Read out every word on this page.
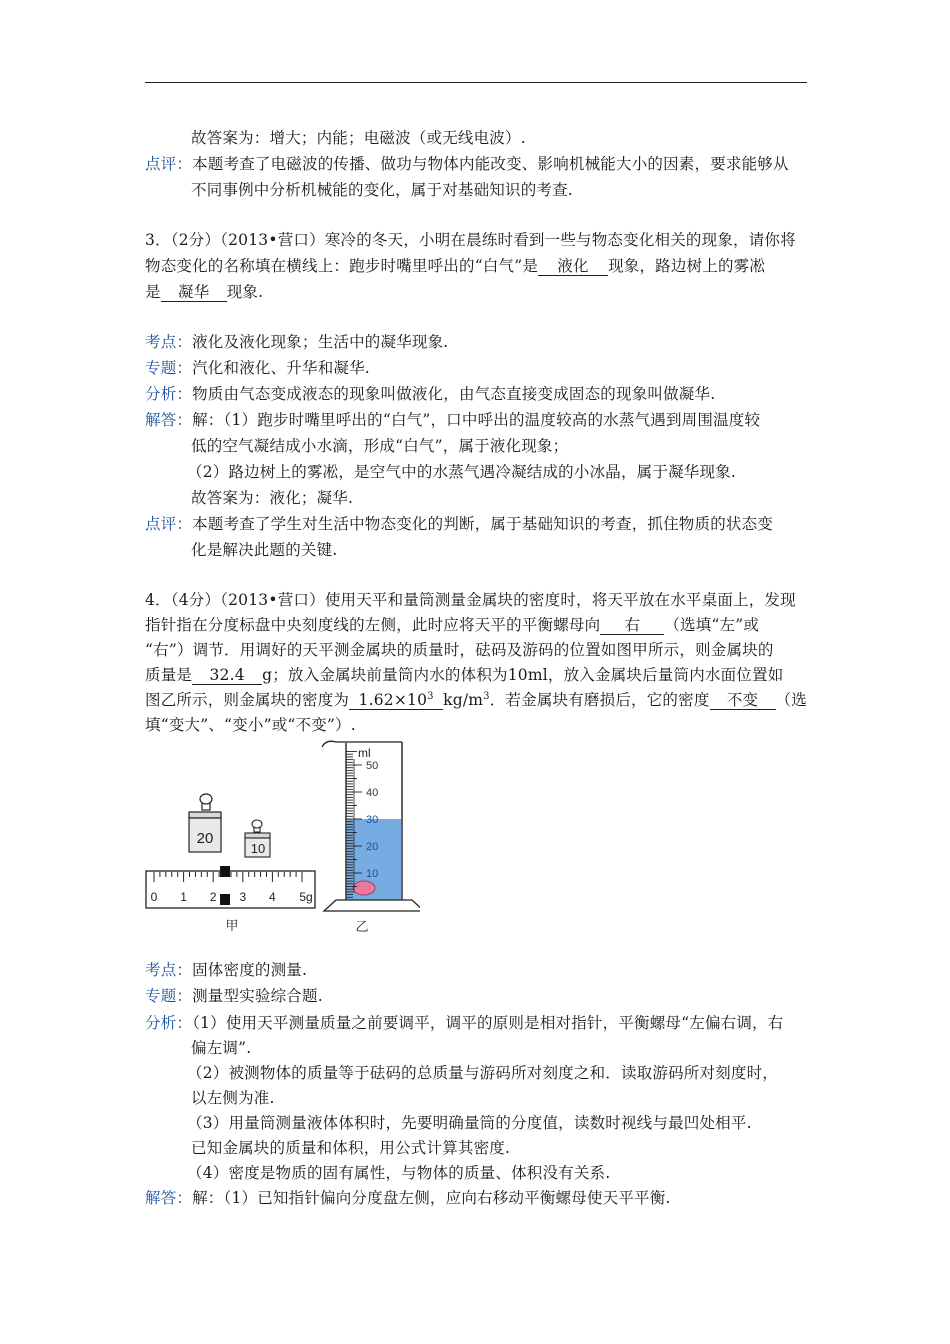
故答案为：增大；内能；电磁波（或无线电波）.
点评：本题考查了电磁波的传播、做功与物体内能改变、影响机械能大小的因素，要求能够从
不同事例中分析机械能的变化，属于对基础知识的考查.
3．（2分）（2013•营口）寒冷的冬天，小明在晨练时看到一些与物态变化相关的现象，请你将
物态变化的名称填在横线上：跑步时嘴里呼出的“白气”是 液化 现象，路边树上的雾凇
是 凝华 现象.
考点：液化及液化现象；生活中的凝华现象.
专题：汽化和液化、升华和凝华.
分析：物质由气态变成液态的现象叫做液化，由气态直接变成固态的现象叫做凝华.
解答：解：（1）跑步时嘴里呼出的“白气”，口中呼出的温度较高的水蒸气遇到周围温度较
低的空气凝结成小水滴，形成“白气”，属于液化现象；
（2）路边树上的雾凇，是空气中的水蒸气遇冷凝结成的小冰晶，属于凝华现象.
故答案为：液化；凝华.
点评：本题考查了学生对生活中物态变化的判断，属于基础知识的考查，抓住物质的状态变
化是解决此题的关键.
4．（4分）（2013•营口）使用天平和量筒测量金属块的密度时，将天平放在水平桌面上，发现
指针指在分度标盘中央刻度线的左侧，此时应将天平的平衡螺母向 右 （选填“左”或
“右”）调节．用调好的天平测金属块的质量时，砝码及游码的位置如图甲所示，则金属块的
质量是 32.4 g；放入金属块前量筒内水的体积为10ml，放入金属块后量筒内水面位置如
图乙所示，则金属块的密度为 $1.62\times 10^3$ $kg/m^3$．若金属块有磨损后，它的密度 不变 （选
填“变大”、“变小”或“不变”）.
20
10
0 1 2 3 4 5g
甲
50
40
30
20
10
ml
乙
考点：固体密度的测量.
专题：测量型实验综合题.
分析：（1）使用天平测量质量之前要调平，调平的原则是相对指针，平衡螺母“左偏右调，右
偏左调”.
（2）被测物体的质量等于砝码的总质量与游码所对刻度之和．读取游码所对刻度时，
以左侧为准.
（3）用量筒测量液体体积时，先要明确量筒的分度值，读数时视线与最凹处相平.
已知金属块的质量和体积，用公式计算其密度.
（4）密度是物质的固有属性，与物体的质量、体积没有关系.
解答：解：（1）已知指针偏向分度盘左侧，应向右移动平衡螺母使天平平衡.
